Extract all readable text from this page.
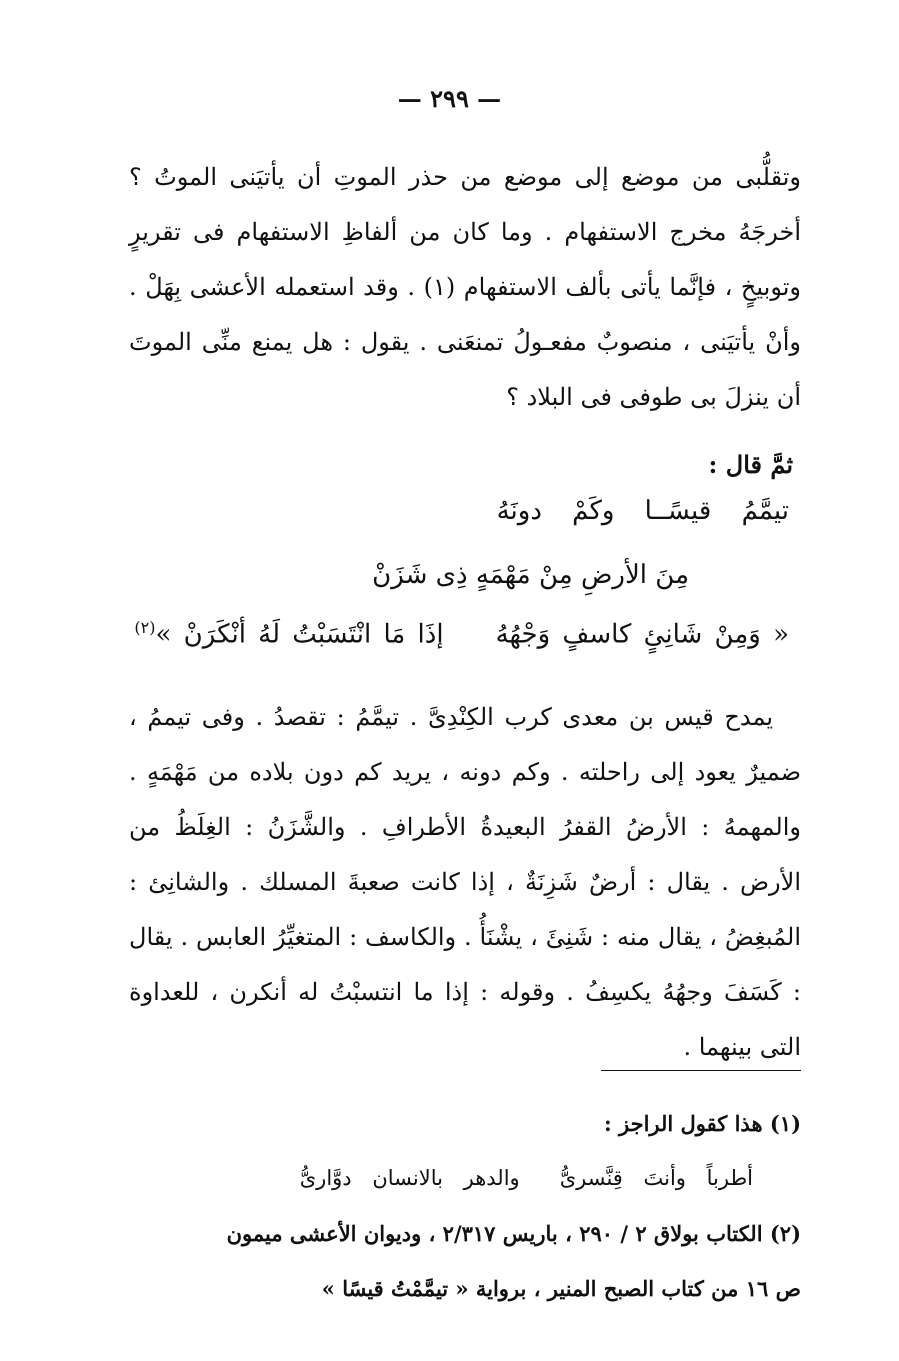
— ٢٩٩ —

وتقلُّبى من موضع إلى موضع من حذر الموتِ أن يأتيَنى الموتُ ؟ أخرجَهُ مخرج الاستفهام . وما كان من ألفاظِ الاستفهام فى تقريرٍ وتوبيخٍ ، فإنَّما يأتى بألف الاستفهام (١) . وقد استعمله الأعشى بِهَلْ . وأنْ يأتيَنى ، منصوبٌ مفعـولُ تمنعَنى . يقول : هل يمنع منِّى الموتَ أن ينزلَ بى طوفى فى البلاد ؟

ثمَّ قال :
تيمَّمُ قيسًــا وكَمْ دونَهُ
مِنَ الأرضِ مِنْ مَهْمَهٍ ذِى شَزَنْ
« وَمِنْ شَانِئٍ كاسفٍ وَجْهُهُإذَا مَا انْتَسَبْتُ لَهُ أنْكَرَنْ »$^{(٢)}$

يمدح قيس بن معدى كرب الكِنْدِىَّ . تيمَّمُ : تقصدُ . وفى تيممُ ، ضميرٌ يعود إلى راحلته . وكم دونه ، يريد كم دون بلاده من مَهْمَهٍ . والمهمهُ : الأرضُ القفرُ البعيدةُ الأطرافِ . والشَّزَنُ : الغِلَظُ من الأرض . يقال : أرضٌ شَزِنَةٌ ، إذا كانت صعبةَ المسلك . والشانِئ : المُبغِضُ ، يقال منه : شَنِئَ ، يشْنَأُ . والكاسف : المتغيِّرُ العابس . يقال : كَسَفَ وجهُهُ يكسِفُ . وقوله : إذا ما انتسبْتُ له أنكرن ، للعداوة التى بينهما .

(١) هذا كقول الراجز :

أطرباً وأنتَ قِنَّسرىُّوالدهر بالانسان دوَّارىُّ

(٢) الكتاب بولاق ٢ / ٢٩٠ ، باريس ٢/٣١٧ ، وديوان الأعشى ميمون

ص ١٦ من كتاب الصبح المنير ، برواية « تيمَّمْتُ قيسًا »
